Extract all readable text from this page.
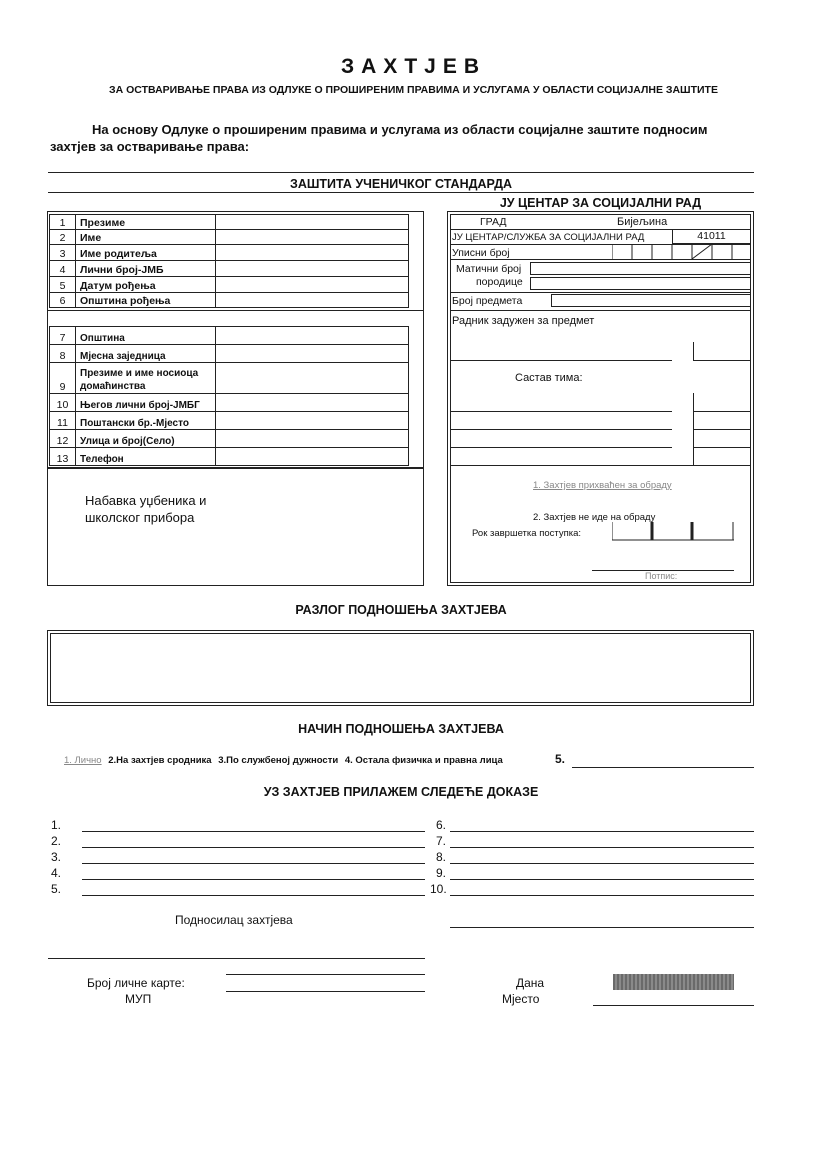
ЗАХТЈЕВ
ЗА ОСТВАРИВАЊЕ ПРАВА ИЗ ОДЛУКЕ О ПРОШИРЕНИМ ПРАВИМА И УСЛУГАМА У ОБЛАСТИ СОЦИЈАЛНЕ ЗАШТИТЕ
На основу Одлуке о проширеним правима и услугама из области социјалне заштите подносим захтјев за остваривање права:
ЗАШТИТА УЧЕНИЧКОГ СТАНДАРДА
1	Презиме	
2	Име	
3	Име родитеља	
4	Лични број-ЈМБ	
5	Датум рођења	
6	Општина рођења	
7	Општина	
8	Мјесна заједница	
9	Презиме и име носиоца домаћинства	
10	Његов лични број-ЈМБГ	
11	Поштански бр.-Мјесто	
12	Улица и број(Село)	
13	Телефон	
Набавка уџбеника и школског прибора
ЈУ ЦЕНТАР ЗА СОЦИЈАЛНИ РАД
ГРАД	Бијељина
ЈУ ЦЕНТАР/СЛУЖБА ЗА СОЦИЈАЛНИ РАД	41011
Уписни број
Матични број
породице
Број предмета
Радник задужен за предмет
Састав тима:
1. Захтјев прихваћен за обраду
2. Захтјев не иде на обраду
Рок завршетка поступка:
Потпис:
РАЗЛОГ ПОДНОШЕЊА ЗАХТЈЕВА
НАЧИН ПОДНОШЕЊА ЗАХТЈЕВА
1. Лично 2.На захтјев сродника 3.По службеној дужности 4. Остала физичка и правна лица	5.
УЗ ЗАХТЈЕВ ПРИЛАЖЕМ СЛЕДЕЋЕ ДОКАЗЕ
1.
2.
3.
4.
5.
6.
7.
8.
9.
10.
Подносилац захтјева
Број личне карте:
МУП
Дана
Мјесто
